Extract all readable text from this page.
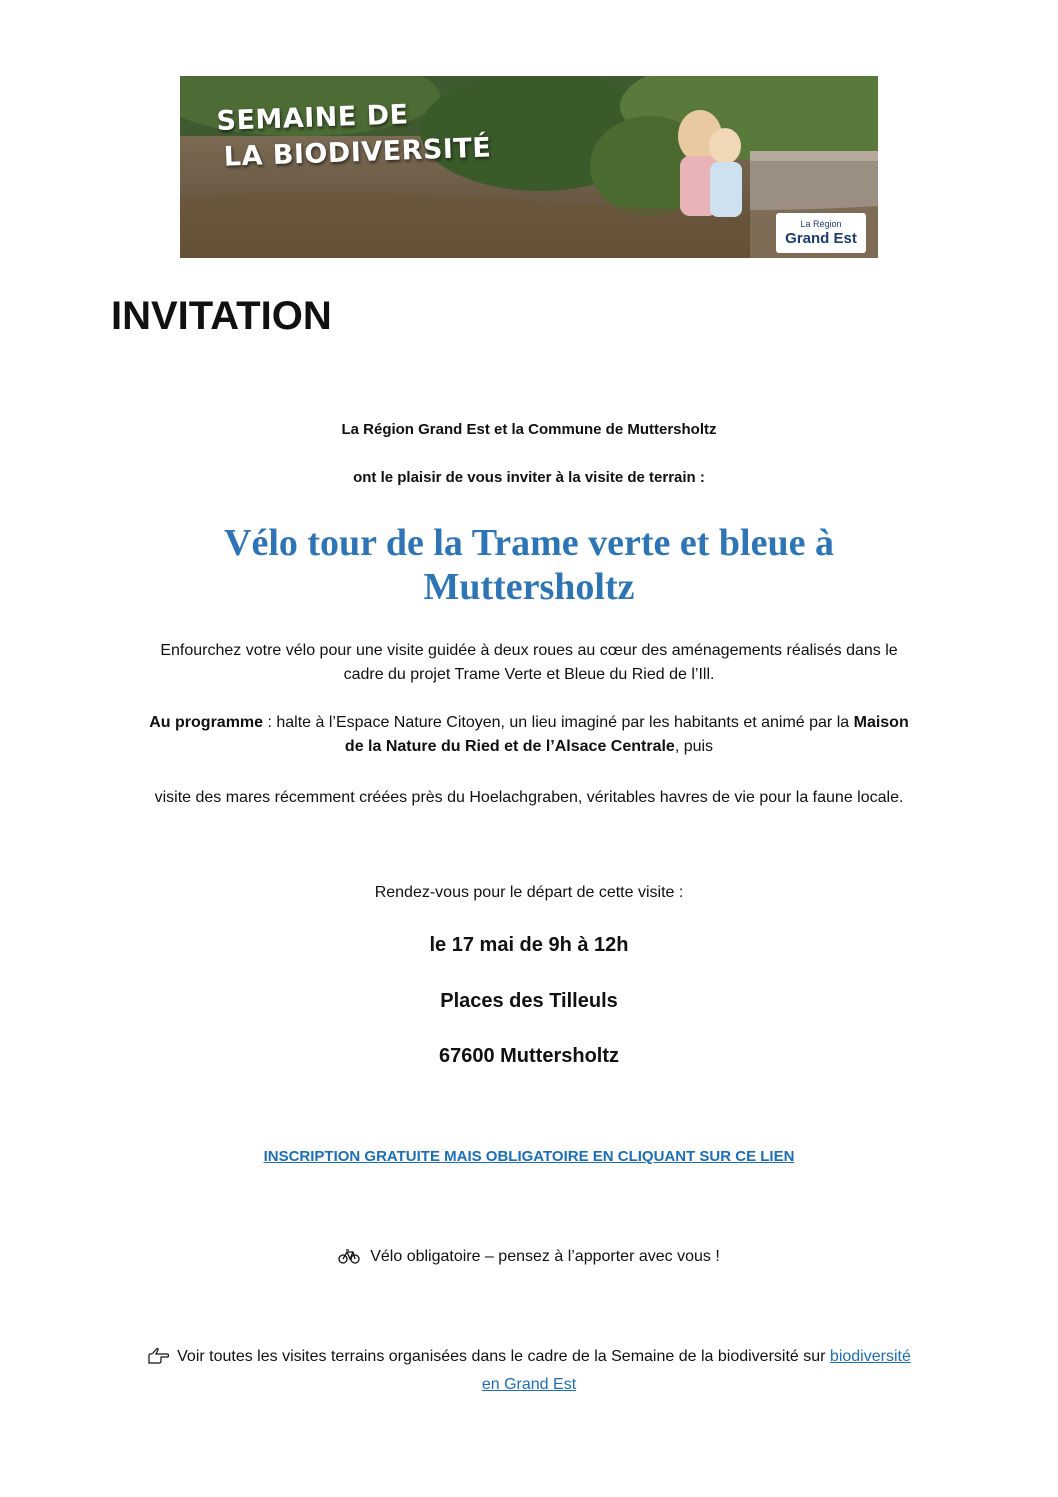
SEMAINE DE
LA BIODIVERSITÉ
La Région
Grand Est
INVITATION

La Région Grand Est et la Commune de Muttersholtz

ont le plaisir de vous inviter à la visite de terrain :

Vélo tour de la Trame verte et bleue à
Muttersholtz
Enfourchez votre vélo pour une visite guidée à deux roues au cœur des aménagements réalisés dans le
cadre du projet Trame Verte et Bleue du Ried de l’Ill.
Au programme : halte à l’Espace Nature Citoyen, un lieu imaginé par les habitants et animé par la Maison
de la Nature du Ried et de l’Alsace Centrale, puis

visite des mares récemment créées près du Hoelachgraben, véritables havres de vie pour la faune locale.

Rendez-vous pour le départ de cette visite :

le 17 mai de 9h à 12h

Places des Tilleuls

67600 Muttersholtz

INSCRIPTION GRATUITE MAIS OBLIGATOIRE EN CLIQUANT SUR CE LIEN

Vélo obligatoire – pensez à l’apporter avec vous !

Voir toutes les visites terrains organisées dans le cadre de la Semaine de la biodiversité sur biodiversité
en Grand Est
